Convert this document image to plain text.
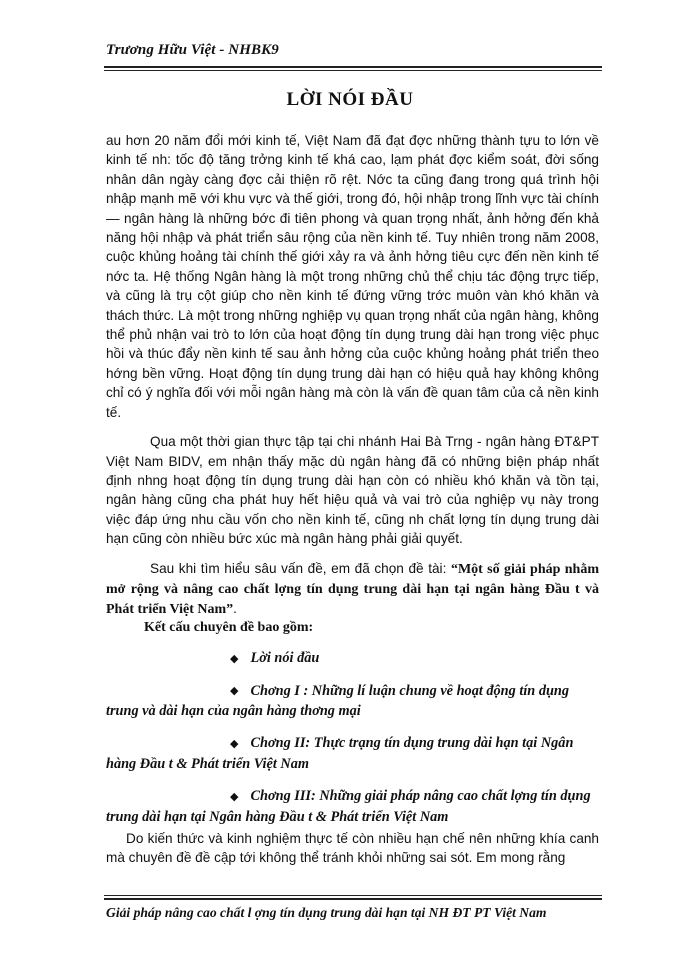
Trương Hữu Việt - NHBK9
LỜI NÓI ĐẦU

au hơn 20 năm đổi mới kinh tế, Việt Nam đã đạt đợc những thành tựu to lớn về kinh tế nh: tốc độ tăng trởng kinh tế khá cao, lạm phát đợc kiểm soát, đời sống nhân dân ngày càng đợc cải thiện rõ rệt. Nớc ta cũng đang trong quá trình hội nhập mạnh mẽ với khu vực và thế giới, trong đó, hội nhập trong lĩnh vực tài chính — ngân hàng là những bớc đi tiên phong và quan trọng nhất, ảnh hởng đến khả năng hội nhập và phát triển sâu rộng của nền kinh tế. Tuy nhiên trong năm 2008, cuộc khủng hoảng tài chính thế giới xảy ra và ảnh hởng tiêu cực đến nền kinh tế nớc ta. Hệ thống Ngân hàng là một trong những chủ thể chịu tác động trực tiếp, và cũng là trụ cột giúp cho nền kinh tế đứng vững trớc muôn vàn khó khăn và thách thức. Là một trong những nghiệp vụ quan trọng nhất của ngân hàng, không thể phủ nhận vai trò to lớn của hoạt động tín dụng trung dài hạn trong việc phục hồi và thúc đẩy nền kinh tế sau ảnh hởng của cuộc khủng hoảng phát triển theo hớng bền vững. Hoạt động tín dụng trung dài hạn có hiệu quả hay không không chỉ có ý nghĩa đối với mỗi ngân hàng mà còn là vấn đề quan tâm của cả nền kinh tế.

Qua một thời gian thực tập tại chi nhánh Hai Bà Trng - ngân hàng ĐT&PT Việt Nam BIDV, em nhận thấy mặc dù ngân hàng đã có những biện pháp nhất định nhng hoạt động tín dụng trung dài hạn còn có nhiều khó khăn và tồn tại, ngân hàng cũng cha phát huy hết hiệu quả và vai trò của nghiệp vụ này trong việc đáp ứng nhu cầu vốn cho nền kinh tế, cũng nh chất lợng tín dụng trung dài hạn cũng còn nhiều bức xúc mà ngân hàng phải giải quyết.

Sau khi tìm hiểu sâu vấn đề, em đã chọn đề tài: “Một số giải pháp nhằm mở rộng và nâng cao chất lợng tín dụng trung dài hạn tại ngân hàng Đầu t và Phát triển Việt Nam”.

Kết cấu chuyên đề bao gồm:
◆ Lời nói đầu
◆ Chơng I : Những lí luận chung về hoạt động tín dụng trung và dài hạn của ngân hàng thơng mại
◆ Chơng II: Thực trạng tín dụng trung dài hạn tại Ngân hàng Đầu t & Phát triển Việt Nam
◆ Chơng III: Những giải pháp nâng cao chất lợng tín dụng trung dài hạn tại Ngân hàng Đầu t & Phát triển Việt Nam
Do kiến thức và kinh nghiệm thực tế còn nhiều hạn chế nên những khía canh mà chuyên đề đề cập tới không thể tránh khỏi những sai sót. Em mong rằng
Giải pháp nâng cao chất l ợng tín dụng trung dài hạn tại NH ĐT PT Việt Nam
